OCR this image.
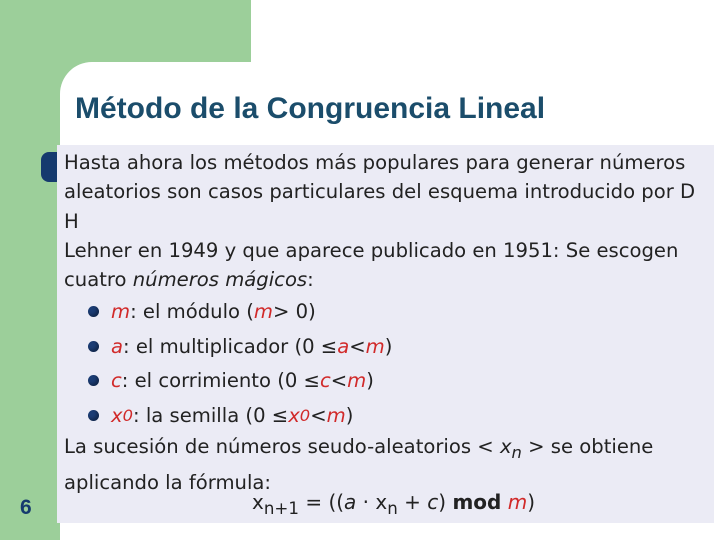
Método de la Congruencia Lineal

Hasta ahora los métodos más populares para generar números

aleatorios son casos particulares del esquema introducido por D H

Lehner en 1949 y que aparece publicado en 1951: Se escogen

cuatro números mágicos:

m : el módulo ( m > 0)
a : el multiplicador (0 ≤ a < m )
c : el corrimiento (0 ≤ c < m )
x 0 : la semilla (0 ≤ x 0 < m )

La sucesión de números seudo-aleatorios < $x_n$ > se obtiene

aplicando la fórmula:

$x_{n+1} = ((a \cdot x_n + c)$ mod m)
6
